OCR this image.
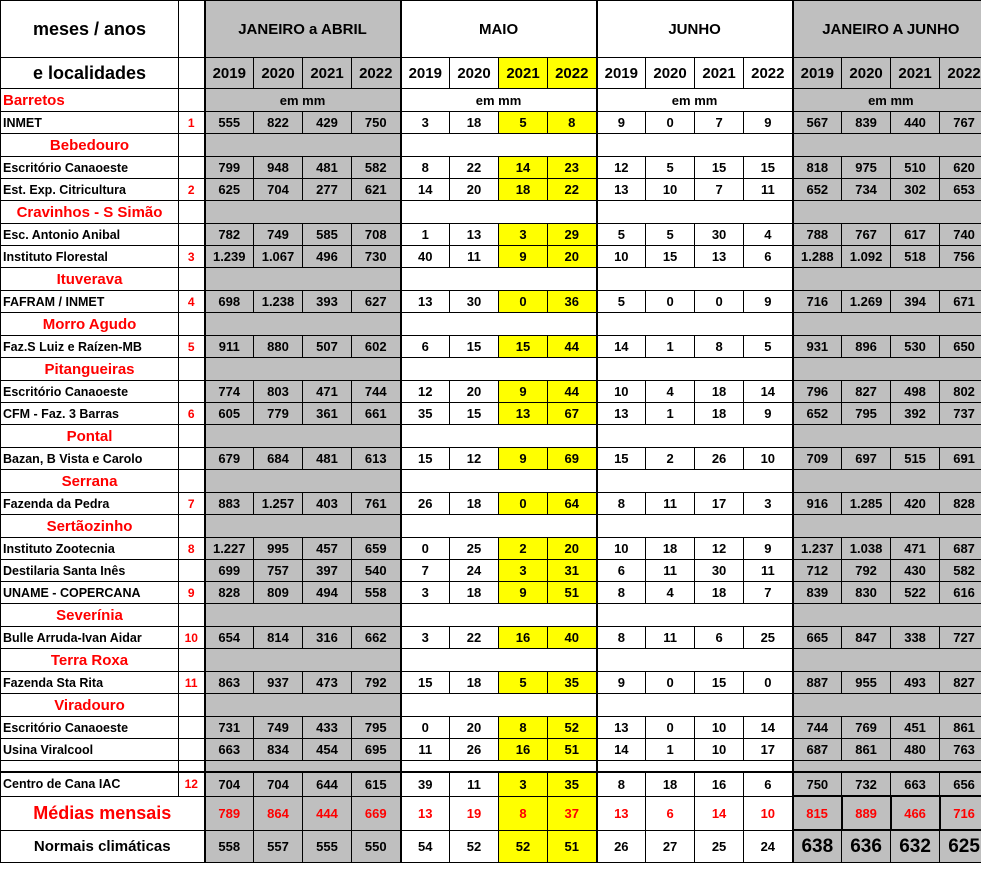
meses / anos		JANEIRO a ABRIL				MAIO				JUNHO				JANEIRO A JUNHO			
e localidades		2019	2020	2021	2022	2019	2020	2021	2022	2019	2020	2021	2022	2019	2020	2021	2022
Barretos		em mm				em mm				em mm				em mm			
INMET	1	555	822	429	750	3	18	5	8	9	0	7	9	567	839	440	767
Bebedouro																	
Escritório Canaoeste		799	948	481	582	8	22	14	23	12	5	15	15	818	975	510	620
Est. Exp. Citricultura	2	625	704	277	621	14	20	18	22	13	10	7	11	652	734	302	653
Cravinhos - S Simão																	
Esc. Antonio Anibal		782	749	585	708	1	13	3	29	5	5	30	4	788	767	617	740
Instituto Florestal	3	1.239	1.067	496	730	40	11	9	20	10	15	13	6	1.288	1.092	518	756
Ituverava																	
FAFRAM / INMET	4	698	1.238	393	627	13	30	0	36	5	0	0	9	716	1.269	394	671
Morro Agudo																	
Faz.S Luiz e Raízen-MB	5	911	880	507	602	6	15	15	44	14	1	8	5	931	896	530	650
Pitangueiras																	
Escritório Canaoeste		774	803	471	744	12	20	9	44	10	4	18	14	796	827	498	802
CFM - Faz. 3 Barras	6	605	779	361	661	35	15	13	67	13	1	18	9	652	795	392	737
Pontal																	
Bazan, B Vista e Carolo		679	684	481	613	15	12	9	69	15	2	26	10	709	697	515	691
Serrana																	
Fazenda da Pedra	7	883	1.257	403	761	26	18	0	64	8	11	17	3	916	1.285	420	828
Sertãozinho																	
Instituto Zootecnia	8	1.227	995	457	659	0	25	2	20	10	18	12	9	1.237	1.038	471	687
Destilaria Santa Inês		699	757	397	540	7	24	3	31	6	11	30	11	712	792	430	582
UNAME - COPERCANA	9	828	809	494	558	3	18	9	51	8	4	18	7	839	830	522	616
Severínia																	
Bulle Arruda-Ivan Aidar	10	654	814	316	662	3	22	16	40	8	11	6	25	665	847	338	727
Terra Roxa																	
Fazenda Sta Rita	11	863	937	473	792	15	18	5	35	9	0	15	0	887	955	493	827
Viradouro																	
Escritório Canaoeste		731	749	433	795	0	20	8	52	13	0	10	14	744	769	451	861
Usina Viralcool		663	834	454	695	11	26	16	51	14	1	10	17	687	861	480	763

Centro de Cana IAC	12	704	704	644	615	39	11	3	35	8	18	16	6	750	732	663	656
Médias mensais		789	864	444	669	13	19	8	37	13	6	14	10	815	889	466	716
Normais climáticas		558	557	555	550	54	52	52	51	26	27	25	24	638	636	632	625
